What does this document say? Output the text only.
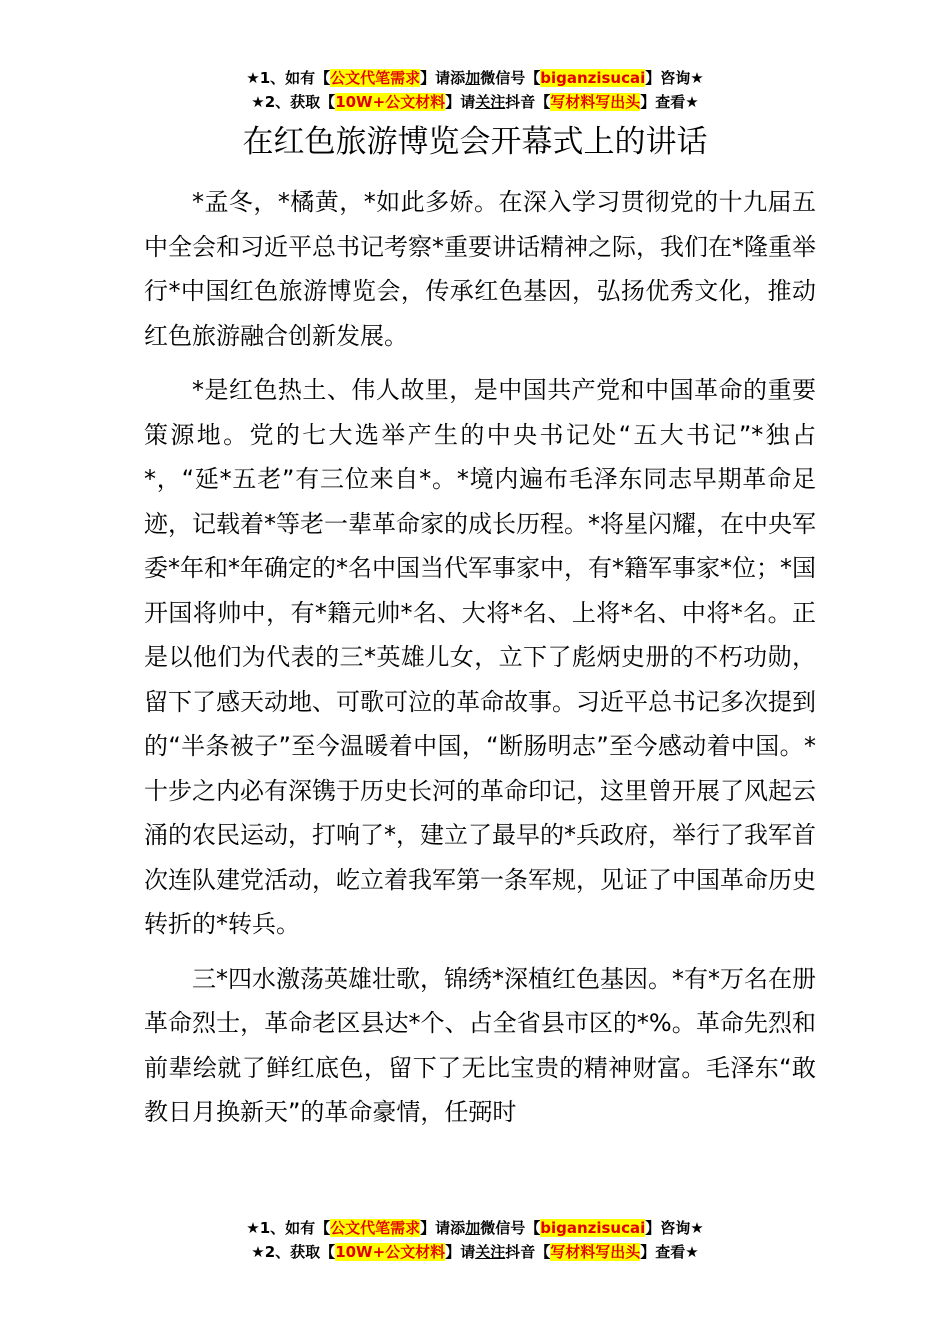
★1、如有【公文代笔需求】请添加微信号【biganzisucai】咨询★
★2、获取【10W+公文材料】请关注抖音【写材料写出头】查看★
在红色旅游博览会开幕式上的讲话

*孟冬，*橘黄，*如此多娇。在深入学习贯彻党的十九届五中全会和习近平总书记考察*重要讲话精神之际，我们在*隆重举行*中国红色旅游博览会，传承红色基因，弘扬优秀文化，推动红色旅游融合创新发展。

*是红色热土、伟人故里，是中国共产党和中国革命的重要策源地。党的七大选举产生的中央书记处“五大书记”*独占*，“延*五老”有三位来自*。*境内遍布毛泽东同志早期革命足迹，记载着*等老一辈革命家的成长历程。*将星闪耀，在中央军委*年和*年确定的*名中国当代军事家中，有*籍军事家*位；*国开国将帅中，有*籍元帅*名、大将*名、上将*名、中将*名。正是以他们为代表的三*英雄儿女，立下了彪炳史册的不朽功勋，留下了感天动地、可歌可泣的革命故事。习近平总书记多次提到的“半条被子”至今温暖着中国，“断肠明志”至今感动着中国。*十步之内必有深镌于历史长河的革命印记，这里曾开展了风起云涌的农民运动，打响了*，建立了最早的*兵政府，举行了我军首次连队建党活动，屹立着我军第一条军规，见证了中国革命历史转折的*转兵。

三*四水激荡英雄壮歌，锦绣*深植红色基因。*有*万名在册革命烈士，革命老区县达*个、占全省县市区的*%。革命先烈和前辈绘就了鲜红底色，留下了无比宝贵的精神财富。毛泽东“敢教日月换新天”的革命豪情，任弼时

★1、如有【公文代笔需求】请添加微信号【biganzisucai】咨询★
★2、获取【10W+公文材料】请关注抖音【写材料写出头】查看★
